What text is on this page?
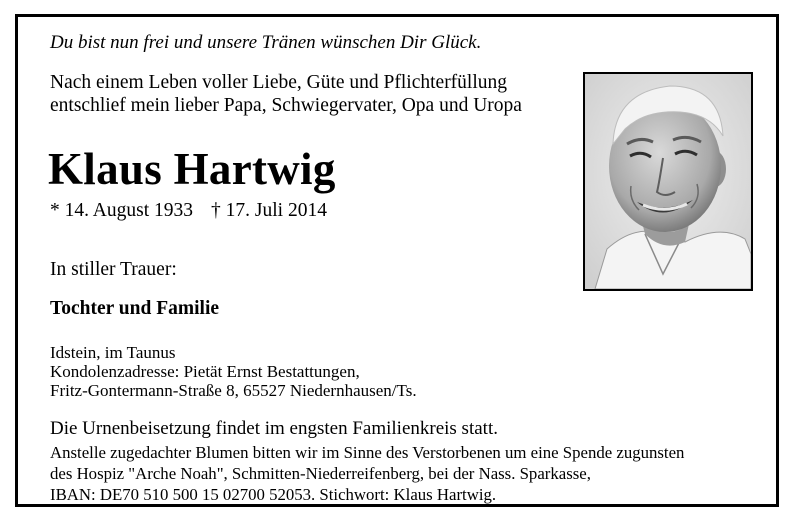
Du bist nun frei und unsere Tränen wünschen Dir Glück.
Nach einem Leben voller Liebe, Güte und Pflichterfüllung
entschlief mein lieber Papa, Schwiegervater, Opa und Uropa
Klaus Hartwig
* 14. August 1933 † 17. Juli 2014
In stiller Trauer:
Tochter und Familie
Idstein, im Taunus
Kondolenzadresse: Pietät Ernst Bestattungen,
Fritz-Gontermann-Straße 8, 65527 Niedernhausen/Ts.
Die Urnenbeisetzung findet im engsten Familienkreis statt.
Anstelle zugedachter Blumen bitten wir im Sinne des Verstorbenen um eine Spende zugunsten
des Hospiz "Arche Noah", Schmitten-Niederreifenberg, bei der Nass. Sparkasse,
IBAN: DE70 510 500 15 02700 52053. Stichwort: Klaus Hartwig.
